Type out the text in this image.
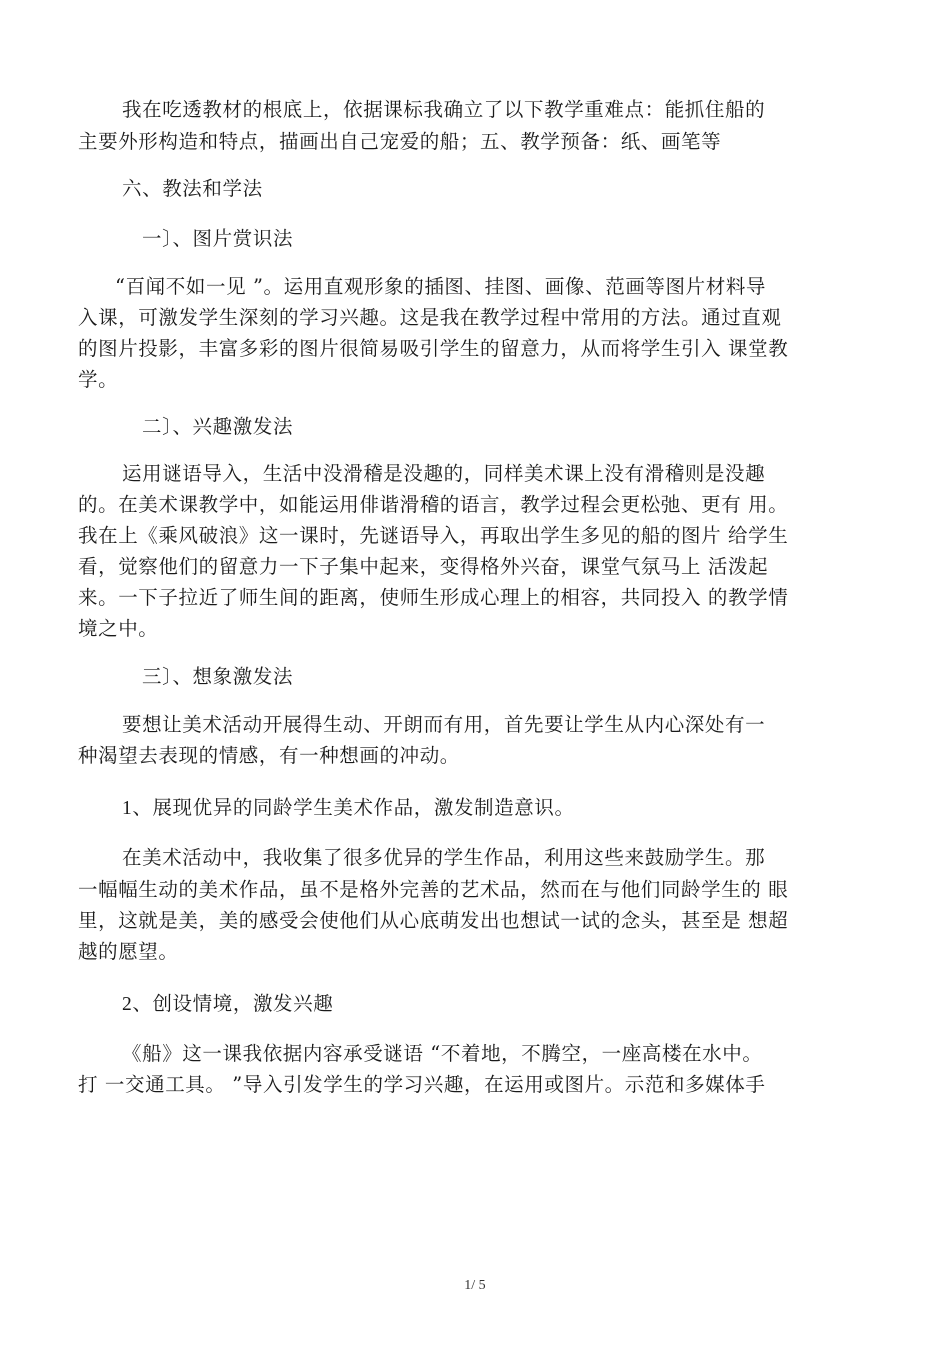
我在吃透教材的根底上，依据课标我确立了以下教学重难点：能抓住船的
主要外形构造和特点，描画出自己宠爱的船；五、教学预备：纸、画笔等
六、教法和学法
一〕、图片赏识法
“百闻不如一见 ”。运用直观形象的插图、挂图、画像、范画等图片材料导
入课，可激发学生深刻的学习兴趣。这是我在教学过程中常用的方法。通过直观
的图片投影，丰富多彩的图片很简易吸引学生的留意力，从而将学生引入 课堂教
学。
二〕、兴趣激发法
运用谜语导入，生活中没滑稽是没趣的，同样美术课上没有滑稽则是没趣
的。在美术课教学中，如能运用俳谐滑稽的语言，教学过程会更松弛、更有 用。
我在上《乘风破浪》这一课时，先谜语导入，再取出学生多见的船的图片 给学生
看，觉察他们的留意力一下子集中起来，变得格外兴奋，课堂气氛马上 活泼起
来。一下子拉近了师生间的距离，使师生形成心理上的相容，共同投入 的教学情
境之中。
三〕、想象激发法
要想让美术活动开展得生动、开朗而有用，首先要让学生从内心深处有一
种渴望去表现的情感，有一种想画的冲动。
1、展现优异的同龄学生美术作品，激发制造意识。
在美术活动中，我收集了很多优异的学生作品，利用这些来鼓励学生。那
一幅幅生动的美术作品，虽不是格外完善的艺术品，然而在与他们同龄学生的 眼
里，这就是美，美的感受会使他们从心底萌发出也想试一试的念头，甚至是 想超
越的愿望。
2、创设情境，激发兴趣
《船》这一课我依据内容承受谜语 “不着地，不腾空，一座高楼在水中。
打 一交通工具。 ”导入引发学生的学习兴趣，在运用或图片。示范和多媒体手
1/ 5
